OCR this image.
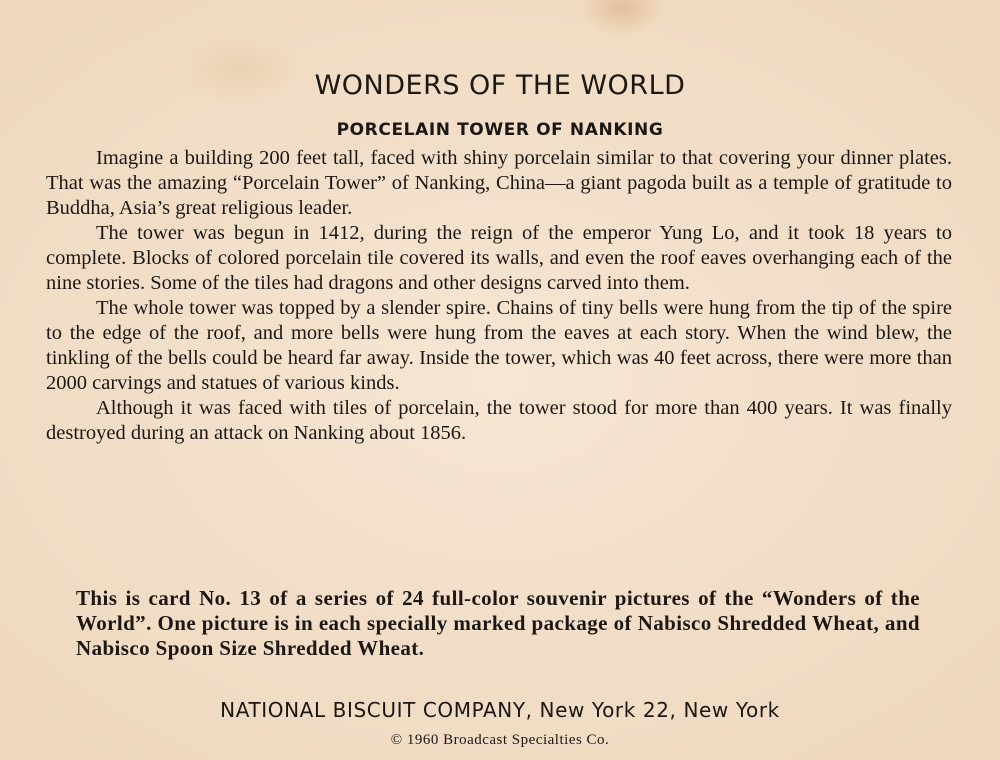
WONDERS OF THE WORLD
PORCELAIN TOWER OF NANKING

Imagine a building 200 feet tall, faced with shiny porcelain similar to that covering your dinner plates. That was the amazing “Porcelain Tower” of Nanking, China—a giant pagoda built as a temple of gratitude to Buddha, Asia’s great religious leader.

The tower was begun in 1412, during the reign of the emperor Yung Lo, and it took 18 years to complete. Blocks of colored porcelain tile covered its walls, and even the roof eaves overhanging each of the nine stories. Some of the tiles had dragons and other designs carved into them.

The whole tower was topped by a slender spire. Chains of tiny bells were hung from the tip of the spire to the edge of the roof, and more bells were hung from the eaves at each story. When the wind blew, the tinkling of the bells could be heard far away. Inside the tower, which was 40 feet across, there were more than 2000 carvings and statues of various kinds.

Although it was faced with tiles of porcelain, the tower stood for more than 400 years. It was finally destroyed during an attack on Nanking about 1856.

This is card No. 13 of a series of 24 full-color souvenir pictures of the “Wonders of the World”. One picture is in each specially marked package of Nabisco Shredded Wheat, and Nabisco Spoon Size Shredded Wheat.
NATIONAL BISCUIT COMPANY, New York 22, New York
© 1960 Broadcast Specialties Co.
